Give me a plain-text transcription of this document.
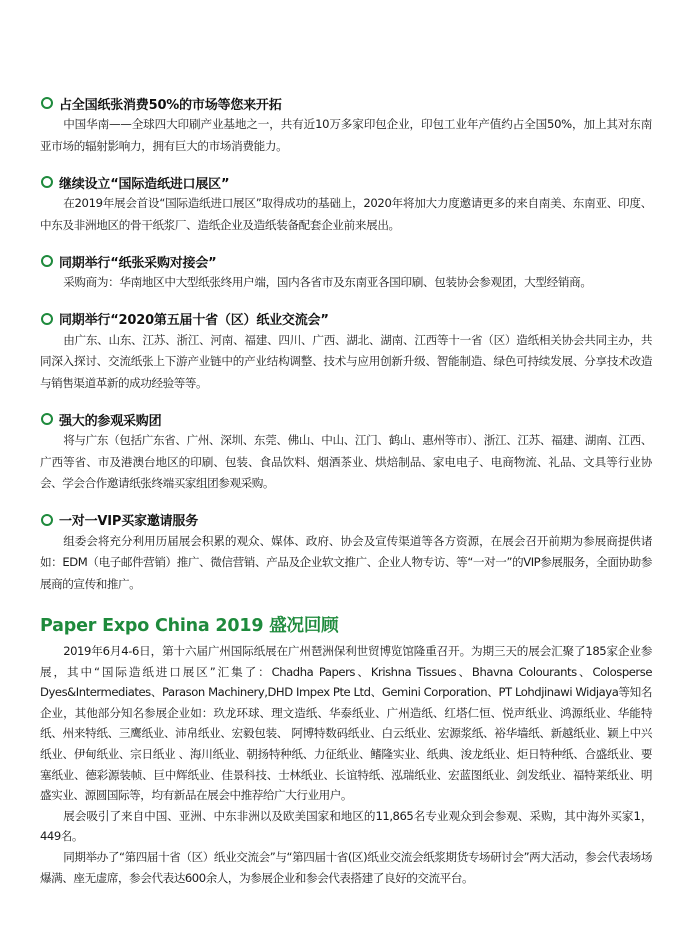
占全国纸张消费50%的市场等您来开拓

中国华南——全球四大印刷产业基地之一，共有近10万多家印包企业，印包工业年产值约占全国50%，加上其对东南亚市场的辐射影响力，拥有巨大的市场消费能力。

继续设立“国际造纸进口展区”

在2019年展会首设“国际造纸进口展区”取得成功的基础上，2020年将加大力度邀请更多的来自南美、东南亚、印度、中东及非洲地区的骨干纸浆厂、造纸企业及造纸装备配套企业前来展出。

同期举行“纸张采购对接会”

采购商为：华南地区中大型纸张终用户端，国内各省市及东南亚各国印刷、包装协会参观团，大型经销商。

同期举行“2020第五届十省（区）纸业交流会”

由广东、山东、江苏、浙江、河南、福建、四川、广西、湖北、湖南、江西等十一省（区）造纸相关协会共同主办，共同深入探讨、交流纸张上下游产业链中的产业结构调整、技术与应用创新升级、智能制造、绿色可持续发展、分享技术改造与销售渠道革新的成功经验等等。

强大的参观采购团

将与广东（包括广东省、广州、深圳、东莞、佛山、中山、江门、鹤山、惠州等市）、浙江、江苏、福建、湖南、江西、广西等省、市及港澳台地区的印刷、包装、食品饮料、烟酒茶业、烘焙制品、家电电子、电商物流、礼品、文具等行业协会、学会合作邀请纸张终端买家组团参观采购。

一对一VIP买家邀请服务

组委会将充分利用历届展会积累的观众、媒体、政府、协会及宣传渠道等各方资源，在展会召开前期为参展商提供诸如：EDM（电子邮件营销）推广、微信营销、产品及企业软文推广、企业人物专访、等“一对一”的VIP参展服务，全面协助参展商的宣传和推广。

Paper Expo China 2019 盛况回顾

2019年6月4-6日，第十六届广州国际纸展在广州琶洲保利世贸博览馆隆重召开。为期三天的展会汇聚了185家企业参展，其中“国际造纸进口展区”汇集了：Chadha Papers、Krishna Tissues、Bhavna Colourants、Colosperse Dyes&Intermediates、Parason Machinery,DHD Impex Pte Ltd、Gemini Corporation、PT Lohdjinawi Widjaya等知名企业，其他部分知名参展企业如：玖龙环球、理文造纸、华泰纸业、广州造纸、红塔仁恒、悦声纸业、鸿源纸业、华能特纸、州来特纸、三鹰纸业、沛帛纸业、宏毅包装、 阿博特数码纸业、白云纸业、宏源浆纸、裕华墙纸、新越纸业、颖上中兴纸业、伊甸纸业、宗日纸业 、海川纸业、朝扬特种纸、力征纸业、鳍隆实业、纸典、浚龙纸业、炬日特种纸、合盛纸业、要塞纸业、德彩源装帧、巨中辉纸业、佳景科技、士林纸业、长谊特纸、泓瑞纸业、宏蓝图纸业、剑发纸业、福特莱纸业、明盛实业、源圆国际等，均有新品在展会中推荐给广大行业用户。

展会吸引了来自中国、亚洲、中东非洲以及欧美国家和地区的11,865名专业观众到会参观、采购，其中海外买家1，449名。

同期举办了“第四届十省（区）纸业交流会”与“第四届十省(区)纸业交流会纸浆期货专场研讨会”两大活动，参会代表场场爆满、座无虚席，参会代表达600余人，为参展企业和参会代表搭建了良好的交流平台。
